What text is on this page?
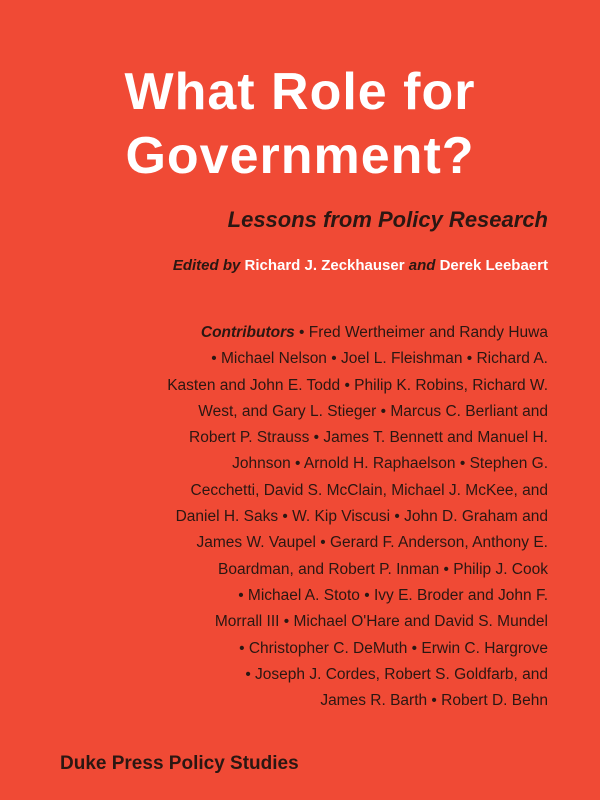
What Role for
Government?

Lessons from Policy Research

Edited by Richard J. Zeckhauser and Derek Leebaert
Contributors • Fred Wertheimer and Randy Huwa
• Michael Nelson • Joel L. Fleishman • Richard A.
Kasten and John E. Todd • Philip K. Robins, Richard W.
West, and Gary L. Stieger • Marcus C. Berliant and
Robert P. Strauss • James T. Bennett and Manuel H.
Johnson • Arnold H. Raphaelson • Stephen G.
Cecchetti, David S. McClain, Michael J. McKee, and
Daniel H. Saks • W. Kip Viscusi • John D. Graham and
James W. Vaupel • Gerard F. Anderson, Anthony E.
Boardman, and Robert P. Inman • Philip J. Cook
• Michael A. Stoto • Ivy E. Broder and John F.
Morrall III • Michael O'Hare and David S. Mundel
• Christopher C. DeMuth • Erwin C. Hargrove
• Joseph J. Cordes, Robert S. Goldfarb, and
James R. Barth • Robert D. Behn
Duke Press Policy Studies
